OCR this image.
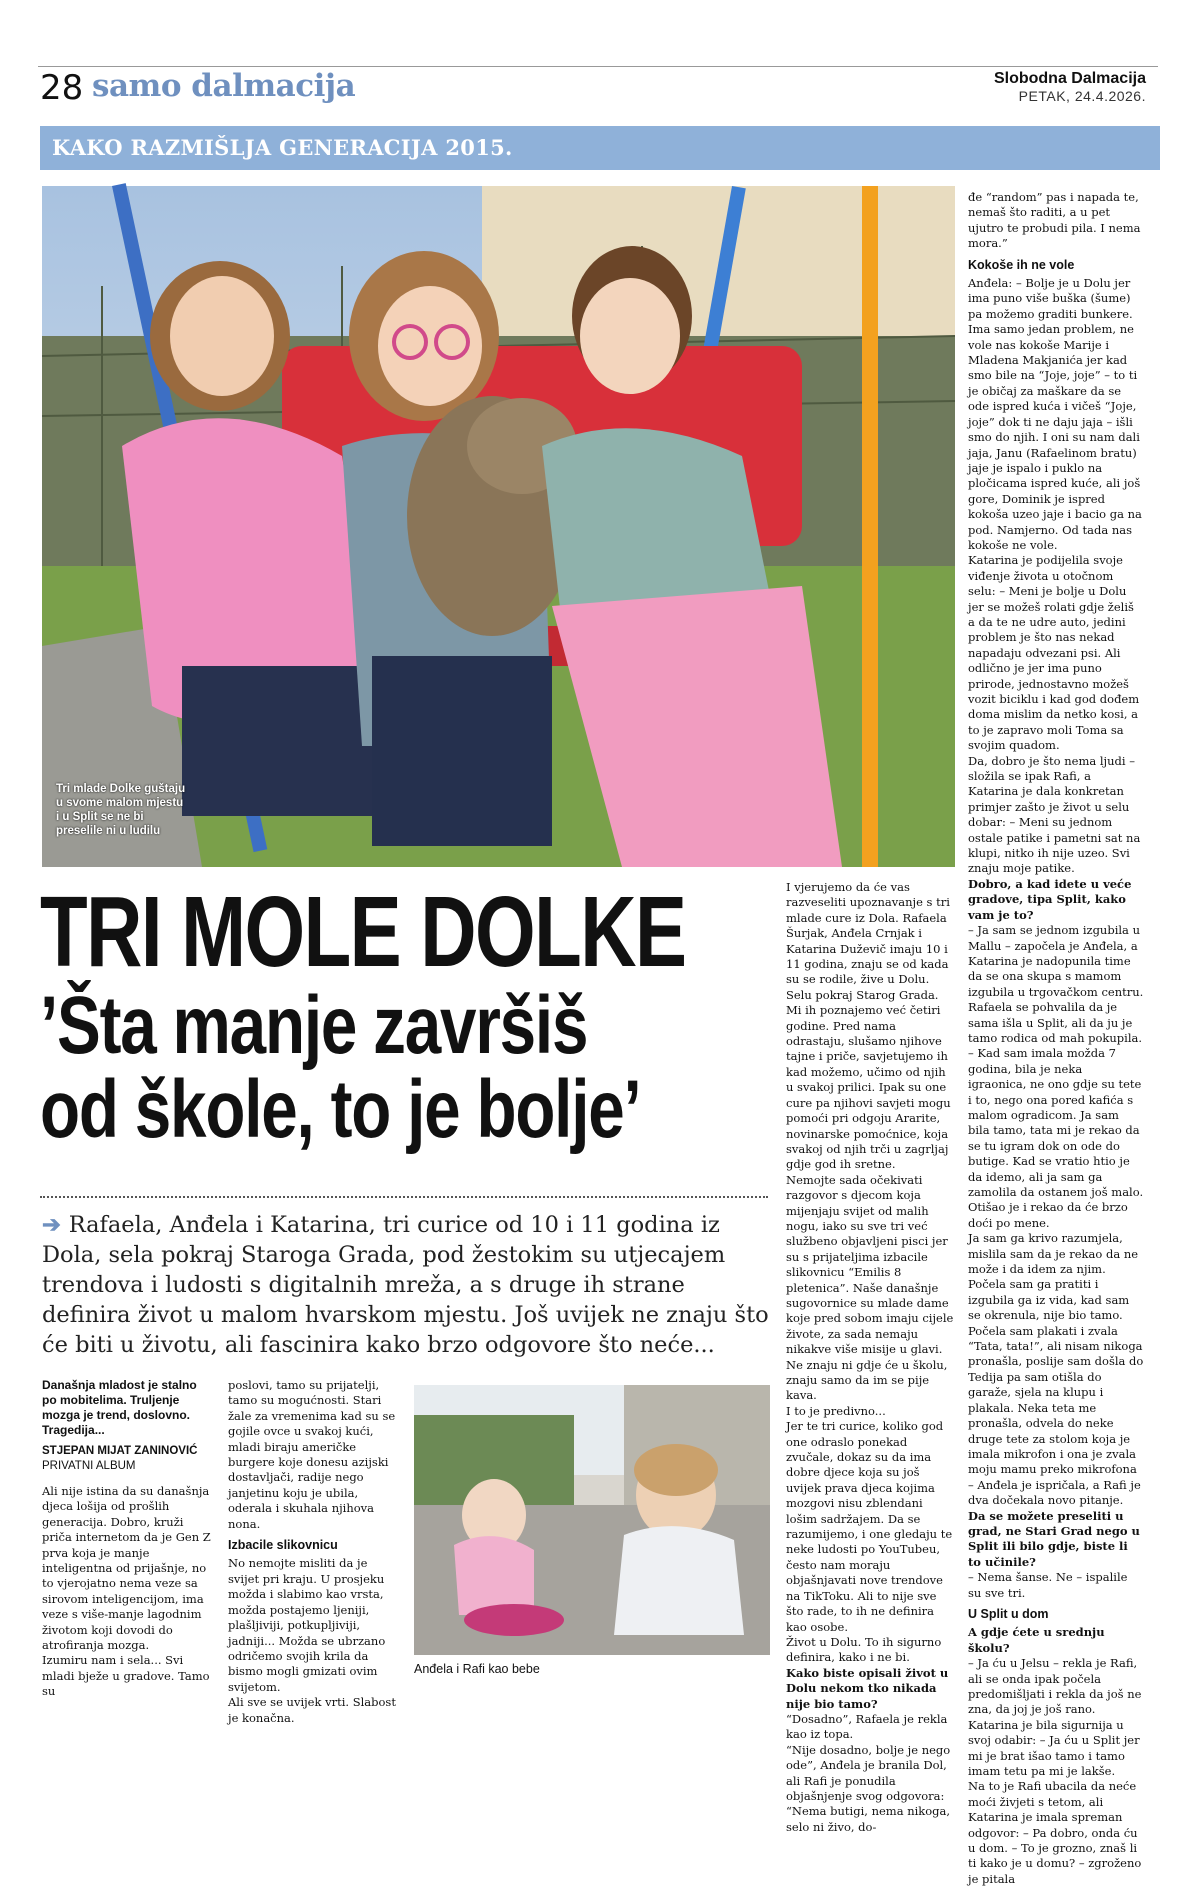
28 samo dalmacija	Slobodna Dalmacija
PETAK, 24.4.2026.
KAKO RAZMIŠLJA GENERACIJA 2015.
Tri mlade Dolke guštaju u svome malom mjestu i u Split se ne bi preselile ni u ludilu
TRI MOLE DOLKE
’Šta manje završiš
od škole, to je bolje’
➔ Rafaela, Anđela i Katarina, tri curice od 10 i 11 godina iz Dola, sela pokraj Staroga Grada, pod žestokim su utjecajem trendova i ludosti s digitalnih mreža, a s druge ih strane definira život u malom hvarskom mjestu. Još uvijek ne znaju što će biti u životu, ali fascinira kako brzo odgovore što neće...

Današnja mladost je stalno po mobitelima. Truljenje mozga je trend, doslovno. Tragedija...

STJEPAN MIJAT ZANINOVIĆ

PRIVATNI ALBUM

Ali nije istina da su današnja djeca lošija od prošlih generacija. Dobro, kruži priča internetom da je Gen Z prva koja je manje inteligentna od prijašnje, no to vjerojatno nema veze sa sirovom inteligencijom, ima veze s više-manje lagodnim životom koji dovodi do atrofiranja mozga.

Izumiru nam i sela... Svi mladi bježe u gradove. Tamo su

poslovi, tamo su prijatelji, tamo su mogućnosti. Stari žale za vremenima kad su se gojile ovce u svakoj kući, mladi biraju američke burgere koje donesu azijski dostavljači, radije nego janjetinu koju je ubila, oderala i skuhala njihova nona.

Izbacile slikovnicu

No nemojte misliti da je svijet pri kraju. U prosjeku možda i slabimo kao vrsta, možda postajemo ljeniji, plašljiviji, potkupljiviji, jadniji... Možda se ubrzano odričemo svojih krila da bismo mogli gmizati ovim svijetom.

Ali sve se uvijek vrti. Slabost je konačna.

Anđela i Rafi kao bebe

I vjerujemo da će vas razveseliti upoznavanje s tri mlade cure iz Dola. Rafaela Šurjak, Anđela Crnjak i Katarina Duževič imaju 10 i 11 godina, znaju se od kada su se rodile, žive u Dolu. Selu pokraj Starog Grada.

Mi ih poznajemo već četiri godine. Pred nama odrastaju, slušamo njihove tajne i priče, savjetujemo ih kad možemo, učimo od njih u svakoj prilici. Ipak su one cure pa njihovi savjeti mogu pomoći pri odgoju Ararite, novinarske pomoćnice, koja svakoj od njih trči u zagrljaj gdje god ih sretne.

Nemojte sada očekivati razgovor s djecom koja mijenjaju svijet od malih nogu, iako su sve tri već službeno objavljeni pisci jer su s prijateljima izbacile slikovnicu “Emilis 8 pletenica”. Naše današnje sugovornice su mlade dame koje pred sobom imaju cijele živote, za sada nemaju nikakve više misije u glavi. Ne znaju ni gdje će u školu, znaju samo da im se pije kava.

I to je predivno...

Jer te tri curice, koliko god one odraslo ponekad zvučale, dokaz su da ima dobre djece koja su još uvijek prava djeca kojima mozgovi nisu zblendani lošim sadržajem. Da se razumijemo, i one gledaju te neke ludosti po YouTubeu, često nam moraju objašnjavati nove trendove na TikToku. Ali to nije sve što rade, to ih ne definira kao osobe.

Život u Dolu. To ih sigurno definira, kako i ne bi.

Kako biste opisali život u Dolu nekom tko nikada nije bio tamo?

“Dosadno”, Rafaela je rekla kao iz topa.

“Nije dosadno, bolje je nego ode”, Anđela je branila Dol, ali Rafi je ponudila objašnjenje svog odgovora: “Nema butigi, nema nikoga, selo ni živo, do-

đe “random” pas i napada te, nemaš što raditi, a u pet ujutro te probudi pila. I nema mora.”

Kokoše ih ne vole

Anđela: – Bolje je u Dolu jer ima puno više buška (šume) pa možemo graditi bunkere. Ima samo jedan problem, ne vole nas kokoše Marije i Mladena Makjanića jer kad smo bile na “Joje, joje” – to ti je običaj za maškare da se ode ispred kuća i vičeš “Joje, joje” dok ti ne daju jaja – išli smo do njih. I oni su nam dali jaja, Janu (Rafaelinom bratu) jaje je ispalo i puklo na pločicama ispred kuće, ali još gore, Dominik je ispred kokoša uzeo jaje i bacio ga na pod. Namjerno. Od tada nas kokoše ne vole.

Katarina je podijelila svoje viđenje života u otočnom selu: – Meni je bolje u Dolu jer se možeš rolati gdje želiš a da te ne udre auto, jedini problem je što nas nekad napadaju odvezani psi. Ali odlično je jer ima puno prirode, jednostavno možeš vozit biciklu i kad god dođem doma mislim da netko kosi, a to je zapravo moli Toma sa svojim quadom.

Da, dobro je što nema ljudi – složila se ipak Rafi, a Katarina je dala konkretan primjer zašto je život u selu dobar: – Meni su jednom ostale patike i pametni sat na klupi, nitko ih nije uzeo. Svi znaju moje patike.

Dobro, a kad idete u veće gradove, tipa Split, kako vam je to?

– Ja sam se jednom izgubila u Mallu – započela je Anđela, a Katarina je nadopunila time da se ona skupa s mamom izgubila u trgovačkom centru. Rafaela se pohvalila da je sama išla u Split, ali da ju je tamo rodica od mah pokupila.

– Kad sam imala možda 7 godina, bila je neka igraonica, ne ono gdje su tete i to, nego ona pored kafića s malom ogradicom. Ja sam bila tamo, tata mi je rekao da se tu igram dok on ode do butige. Kad se vratio htio je da idemo, ali ja sam ga zamolila da ostanem još malo. Otišao je i rekao da će brzo doći po mene.

Ja sam ga krivo razumjela, mislila sam da je rekao da ne može i da idem za njim. Počela sam ga pratiti i izgubila ga iz vida, kad sam se okrenula, nije bio tamo. Počela sam plakati i zvala “Tata, tata!”, ali nisam nikoga pronašla, poslije sam došla do Tedija pa sam otišla do garaže, sjela na klupu i plakala. Neka teta me pronašla, odvela do neke druge tete za stolom koja je imala mikrofon i ona je zvala moju mamu preko mikrofona – Anđela je ispričala, a Rafi je dva dočekala novo pitanje.

Da se možete preseliti u grad, ne Stari Grad nego u Split ili bilo gdje, biste li to učinile?

– Nema šanse. Ne – ispalile su sve tri.

U Split u dom

A gdje ćete u srednju školu?

– Ja ću u Jelsu – rekla je Rafi, ali se onda ipak počela predomišljati i rekla da još ne zna, da joj je još rano. Katarina je bila sigurnija u svoj odabir: – Ja ću u Split jer mi je brat išao tamo i tamo imam tetu pa mi je lakše.

Na to je Rafi ubacila da neće moći živjeti s tetom, ali Katarina je imala spreman odgovor: – Pa dobro, onda ću u dom. – To je grozno, znaš li ti kako je u domu? – zgroženo je pitala
